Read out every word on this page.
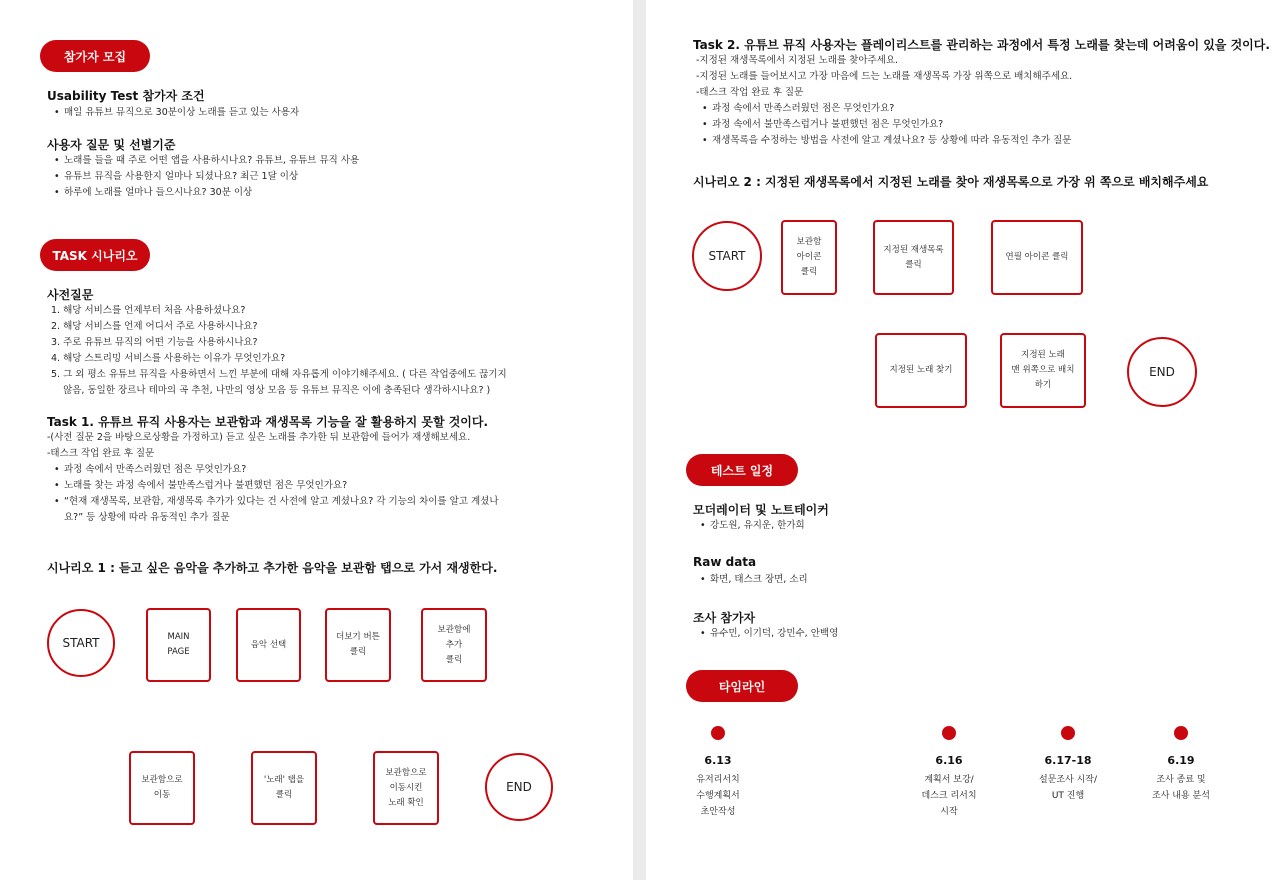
참가자 모집
Usability Test 참가자 조건
• 매일 유튜브 뮤직으로 30분이상 노래를 듣고 있는 사용자
사용자 질문 및 선별기준
• 노래를 들을 때 주로 어떤 앱을 사용하시나요? 유튜브, 유튜브 뮤직 사용
• 유튜브 뮤직을 사용한지 얼마나 되셨나요? 최근 1달 이상
• 하루에 노래를 얼마나 들으시나요? 30분 이상
TASK 시나리오
사전질문
1. 해당 서비스를 언제부터 처음 사용하셨나요?
2. 해당 서비스를 언제 어디서 주로 사용하시나요?
3. 주로 유튜브 뮤직의 어떤 기능을 사용하시나요?
4. 해당 스트리밍 서비스를 사용하는 이유가 무엇인가요?
5. 그 외 평소 유튜브 뮤직을 사용하면서 느낀 부분에 대해 자유롭게 이야기해주세요. ( 다른 작업중에도 끊기지
않음, 동일한 장르나 테마의 곡 추천, 나만의 영상 모음 등 유튜브 뮤직은 이에 충족된다 생각하시나요? )
Task 1. 유튜브 뮤직 사용자는 보관함과 재생목록 기능을 잘 활용하지 못할 것이다.
-(사전 질문 2을 바탕으로상황을 가정하고) 듣고 싶은 노래를 추가한 뒤 보관함에 들어가 재생해보세요.
-태스크 작업 완료 후 질문
• 과정 속에서 만족스러웠던 점은 무엇인가요?
• 노래를 찾는 과정 속에서 불만족스럽거나 불편했던 점은 무엇인가요?
• “현재 재생목록, 보관함, 재생목록 추가가 있다는 건 사전에 알고 계셨나요? 각 기능의 차이를 알고 계셨나요?” 등 상황에 따라 유동적인 추가 질문
시나리오 1 : 듣고 싶은 음악을 추가하고 추가한 음악을 보관함 탭으로 가서 재생한다.
START	MAIN
PAGE
음악 선택
더보기 버튼
클릭
보관함에
추가
클릭
보관함으로
이동
'노래' 탭을
클릭
보관함으로
이동시킨
노래 확인
END
Task 2. 유튜브 뮤직 사용자는 플레이리스트를 관리하는 과정에서 특정 노래를 찾는데 어려움이 있을 것이다.
-지정된 재생목록에서 지정된 노래를 찾아주세요.
-지정된 노래를 들어보시고 가장 마음에 드는 노래를 재생목록 가장 위쪽으로 배치해주세요.
-태스크 작업 완료 후 질문
• 과정 속에서 만족스러웠던 점은 무엇인가요?
• 과정 속에서 불만족스럽거나 불편했던 점은 무엇인가요?
• 재생목록을 수정하는 방법을 사전에 알고 계셨나요? 등 상황에 따라 유동적인 추가 질문
시나리오 2 : 지정된 재생목록에서 지정된 노래를 찾아 재생목록으로 가장 위 쪽으로 배치해주세요
START
보관함
아이콘
클릭
지정된 재생목록
클릭
연필 아이콘 클릭
지정된 노래 찾기
지정된 노래
맨 위쪽으로 배치
하기
END
테스트 일정
모더레이터 및 노트테이커
• 강도원, 유지운, 한가희
Raw data
• 화면, 태스크 장면, 소리
조사 참가자
• 유수민, 이기덕, 강민수, 안백영
타임라인
6.13
유저리서치
수행계획서
초안작성
6.16
계획서 보강/
데스크 리서치
시작
6.17-18
설문조사 시작/
UT 진행
6.19
조사 종료 및
조사 내용 분석
